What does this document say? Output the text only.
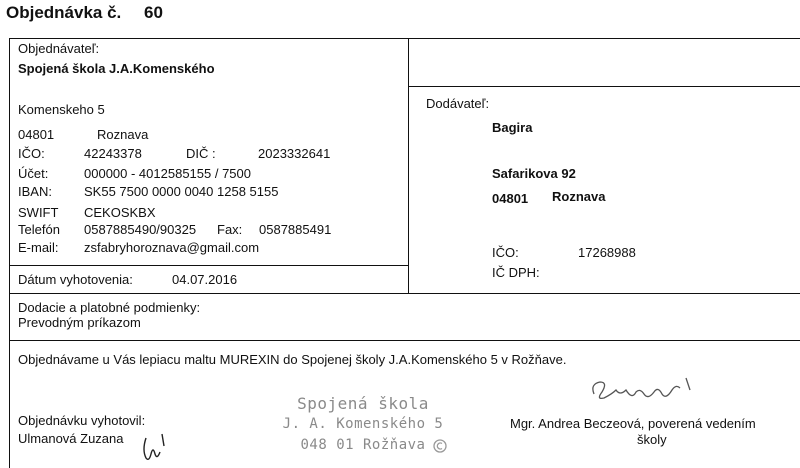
Objednávka č. 60
Objednávateľ:
Spojená škola J.A.Komenského
Komenskeho 5
04801	Roznava
IČO:	42243378	DIČ :	2023332641
Účet:	000000 - 4012585155 / 7500
IBAN: SK55 7500 0000 0040 1258 5155
SWIFT CEKOSKBX
Telefón 0587885490/90325 Fax: 0587885491
E-mail: zsfabryhoroznava@gmail.com
Dátum vyhotovenia:	04.07.2016
Dodávateľ:
Bagira
Safarikova 92
04801 Roznava
IČO:	17268988
IČ DPH:
Dodacie a platobné podmienky:
Prevodným príkazom
Objednávame u Vás lepiacu maltu MUREXIN do Spojenej školy J.A.Komenského 5 v Rožňave.
Objednávku vyhotovil:
Ulmanová Zuzana
Spojená škola
J. A. Komenského 5
048 01 Rožňava
Mgr. Andrea Beczeová, poverená vedením
školy
